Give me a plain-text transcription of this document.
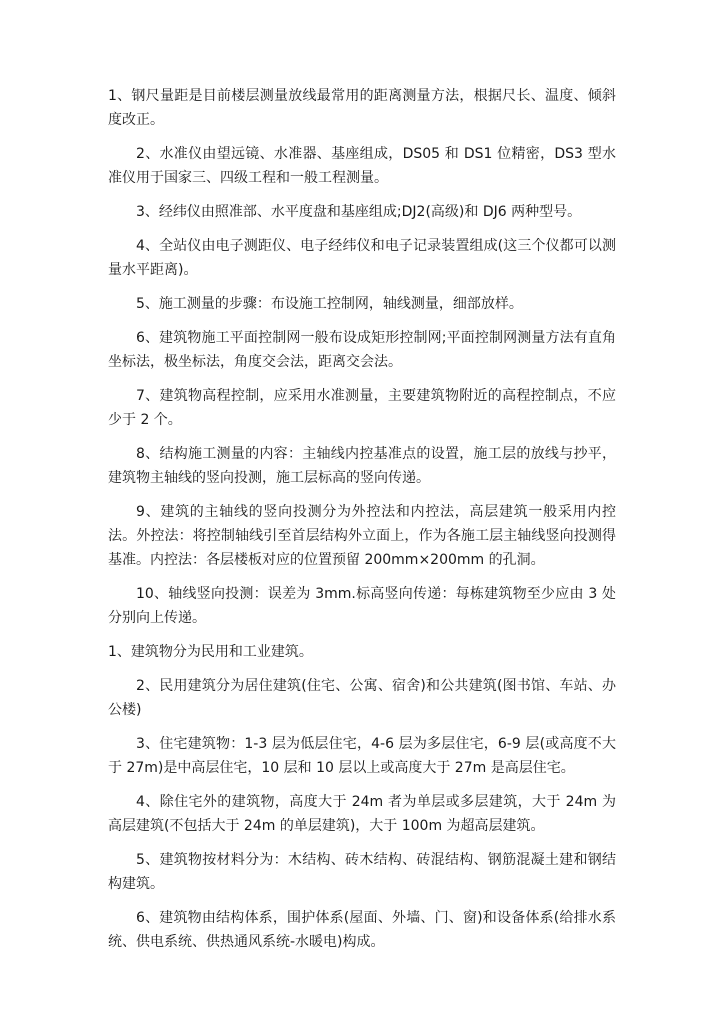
1、钢尺量距是目前楼层测量放线最常用的距离测量方法，根据尺长、温度、倾斜度改正。

2、水准仪由望远镜、水准器、基座组成，DS05 和 DS1 位精密，DS3 型水准仪用于国家三、四级工程和一般工程测量。

3、经纬仪由照准部、水平度盘和基座组成;DJ2(高级)和 DJ6 两种型号。

4、全站仪由电子测距仪、电子经纬仪和电子记录装置组成(这三个仪都可以测量水平距离)。

5、施工测量的步骤：布设施工控制网，轴线测量，细部放样。

6、建筑物施工平面控制网一般布设成矩形控制网;平面控制网测量方法有直角坐标法，极坐标法，角度交会法，距离交会法。

7、建筑物高程控制，应采用水准测量，主要建筑物附近的高程控制点，不应少于 2 个。

8、结构施工测量的内容：主轴线内控基准点的设置，施工层的放线与抄平，建筑物主轴线的竖向投测，施工层标高的竖向传递。

9、建筑的主轴线的竖向投测分为外控法和内控法，高层建筑一般采用内控法。外控法：将控制轴线引至首层结构外立面上，作为各施工层主轴线竖向投测得基准。内控法：各层楼板对应的位置预留 200mm×200mm 的孔洞。

10、轴线竖向投测：误差为 3mm.标高竖向传递：每栋建筑物至少应由 3 处分别向上传递。

1、建筑物分为民用和工业建筑。

2、民用建筑分为居住建筑(住宅、公寓、宿舍)和公共建筑(图书馆、车站、办公楼)

3、住宅建筑物：1-3 层为低层住宅，4-6 层为多层住宅，6-9 层(或高度不大于 27m)是中高层住宅，10 层和 10 层以上或高度大于 27m 是高层住宅。

4、除住宅外的建筑物，高度大于 24m 者为单层或多层建筑，大于 24m 为高层建筑(不包括大于 24m 的单层建筑)，大于 100m 为超高层建筑。

5、建筑物按材料分为：木结构、砖木结构、砖混结构、钢筋混凝土建和钢结构建筑。

6、建筑物由结构体系，围护体系(屋面、外墙、门、窗)和设备体系(给排水系统、供电系统、供热通风系统-水暖电)构成。
